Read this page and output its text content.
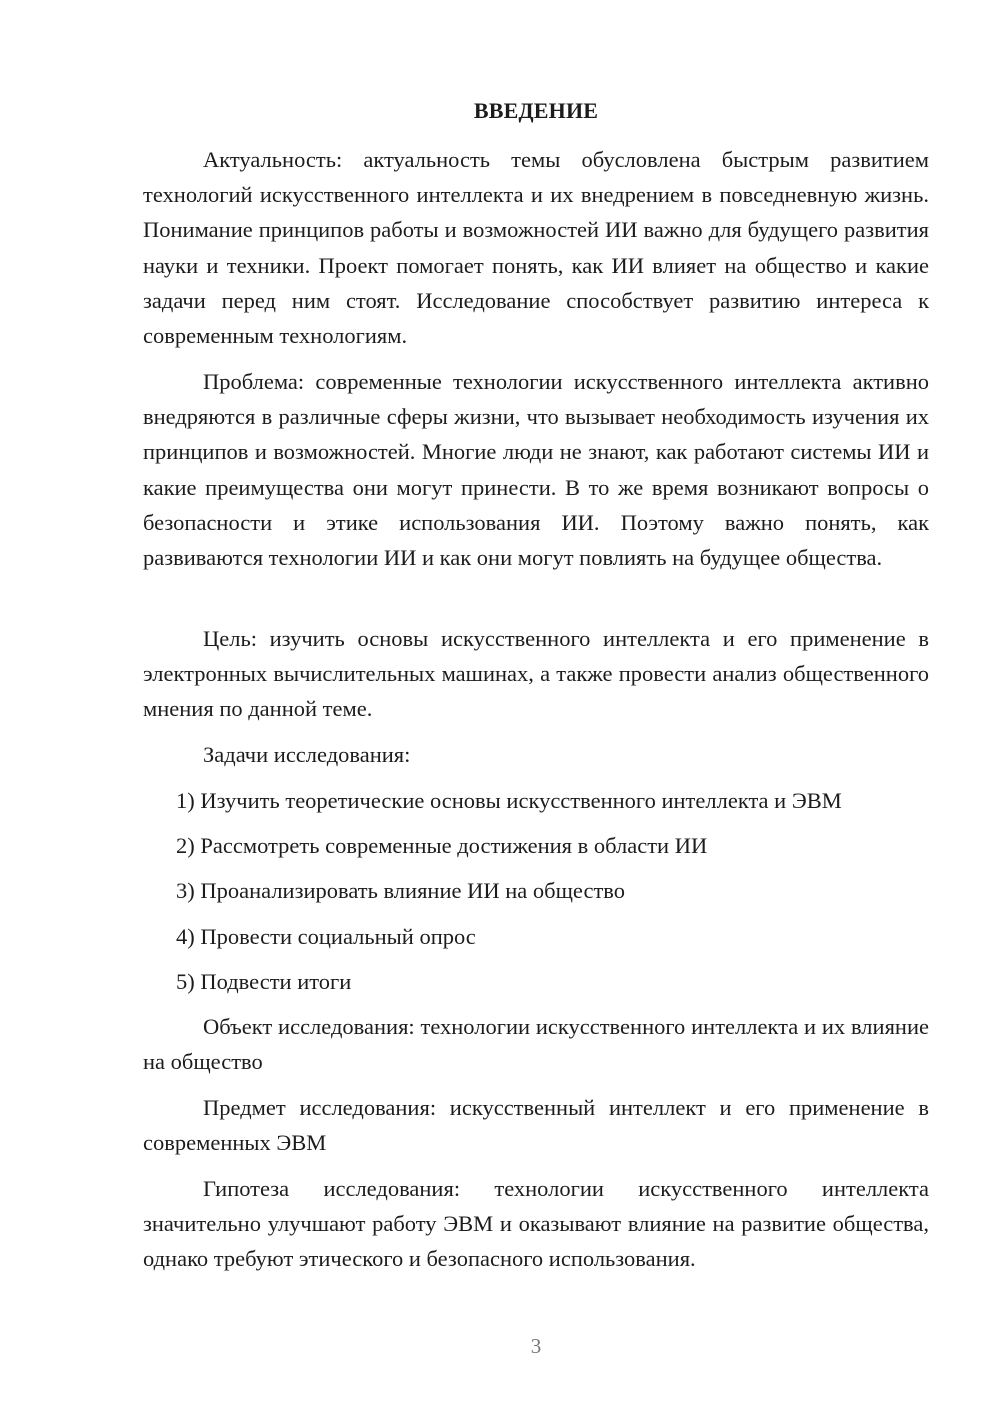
ВВЕДЕНИЕ
Актуальность: актуальность темы обусловлена быстрым развитием технологий искусственного интеллекта и их внедрением в повседневную жизнь. Понимание принципов работы и возможностей ИИ важно для будущего развития науки и техники. Проект помогает понять, как ИИ влияет на общество и какие задачи перед ним стоят. Исследование способствует развитию интереса к современным технологиям.
Проблема: современные технологии искусственного интеллекта активно внедряются в различные сферы жизни, что вызывает необходимость изучения их принципов и возможностей. Многие люди не знают, как работают системы ИИ и какие преимущества они могут принести. В то же время возникают вопросы о безопасности и этике использования ИИ. Поэтому важно понять, как развиваются технологии ИИ и как они могут повлиять на будущее общества.
Цель: изучить основы искусственного интеллекта и его применение в электронных вычислительных машинах, а также провести анализ общественного мнения по данной теме.
Задачи исследования:
1) Изучить теоретические основы искусственного интеллекта и ЭВМ
2) Рассмотреть современные достижения в области ИИ
3) Проанализировать влияние ИИ на общество
4) Провести социальный опрос
5) Подвести итоги
Объект исследования: технологии искусственного интеллекта и их влияние на общество
Предмет исследования: искусственный интеллект и его применение в современных ЭВМ
Гипотеза исследования: технологии искусственного интеллекта значительно улучшают работу ЭВМ и оказывают влияние на развитие общества, однако требуют этического и безопасного использования.
3
